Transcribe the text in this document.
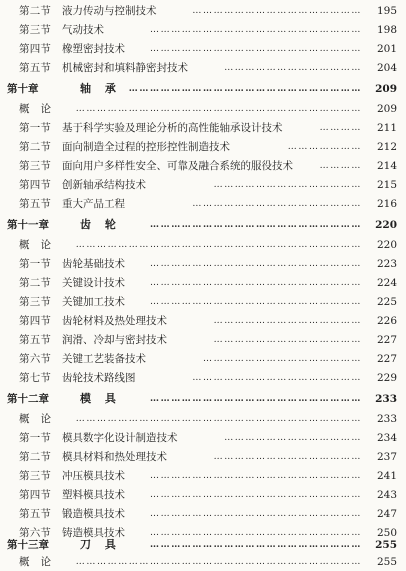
第二节 液力传动与控制技术	…………………………………………	195
第三节 气动技术	……………………………………………………	198
第四节 橡塑密封技术	……………………………………………………	201
第五节 机械密封和填料静密封技术	…………………………………	204
第十章	轴 承 …………………………………………………………	209
概论	………………………………………………………………………	209
第一节 基于科学实验及理论分析的高性能轴承设计技术	…………	211
第二节 面向制造全过程的控形控性制造技术	…………………	212
第三节 面向用户多样性安全、可靠及融合系统的服役技术	…………	214
第四节 创新轴承结构技术	……………………………………	215
第五节 重大产品工程	…………………………………………	216
第十一章	齿 轮	……………………………………………………	220
概论	………………………………………………………………………	220
第一节 齿轮基础技术	……………………………………………………	223
第二节 关键设计技术	……………………………………………………	224
第三节 关键加工技术	……………………………………………………	225
第四节 齿轮材料及热处理技术	……………………………………	226
第五节 润滑、冷却与密封技术	……………………………………	227
第六节 关键工艺装备技术	………………………………………	227
第七节 齿轮技术路线图	…………………………………………	229
第十二章	模 具	……………………………………………………	233
概论	………………………………………………………………………	233
第一节 模具数字化设计制造技术	…………………………………	234
第二节 模具材料和热处理技术	……………………………………	237
第三节 冲压模具技术	……………………………………………………	241
第四节 塑料模具技术	……………………………………………………	243
第五节 锻造模具技术	……………………………………………………	247
第六节 铸造模具技术	……………………………………………………	250
第十三章	刀 具	……………………………………………………	255
概论	………………………………………………………………………	255
